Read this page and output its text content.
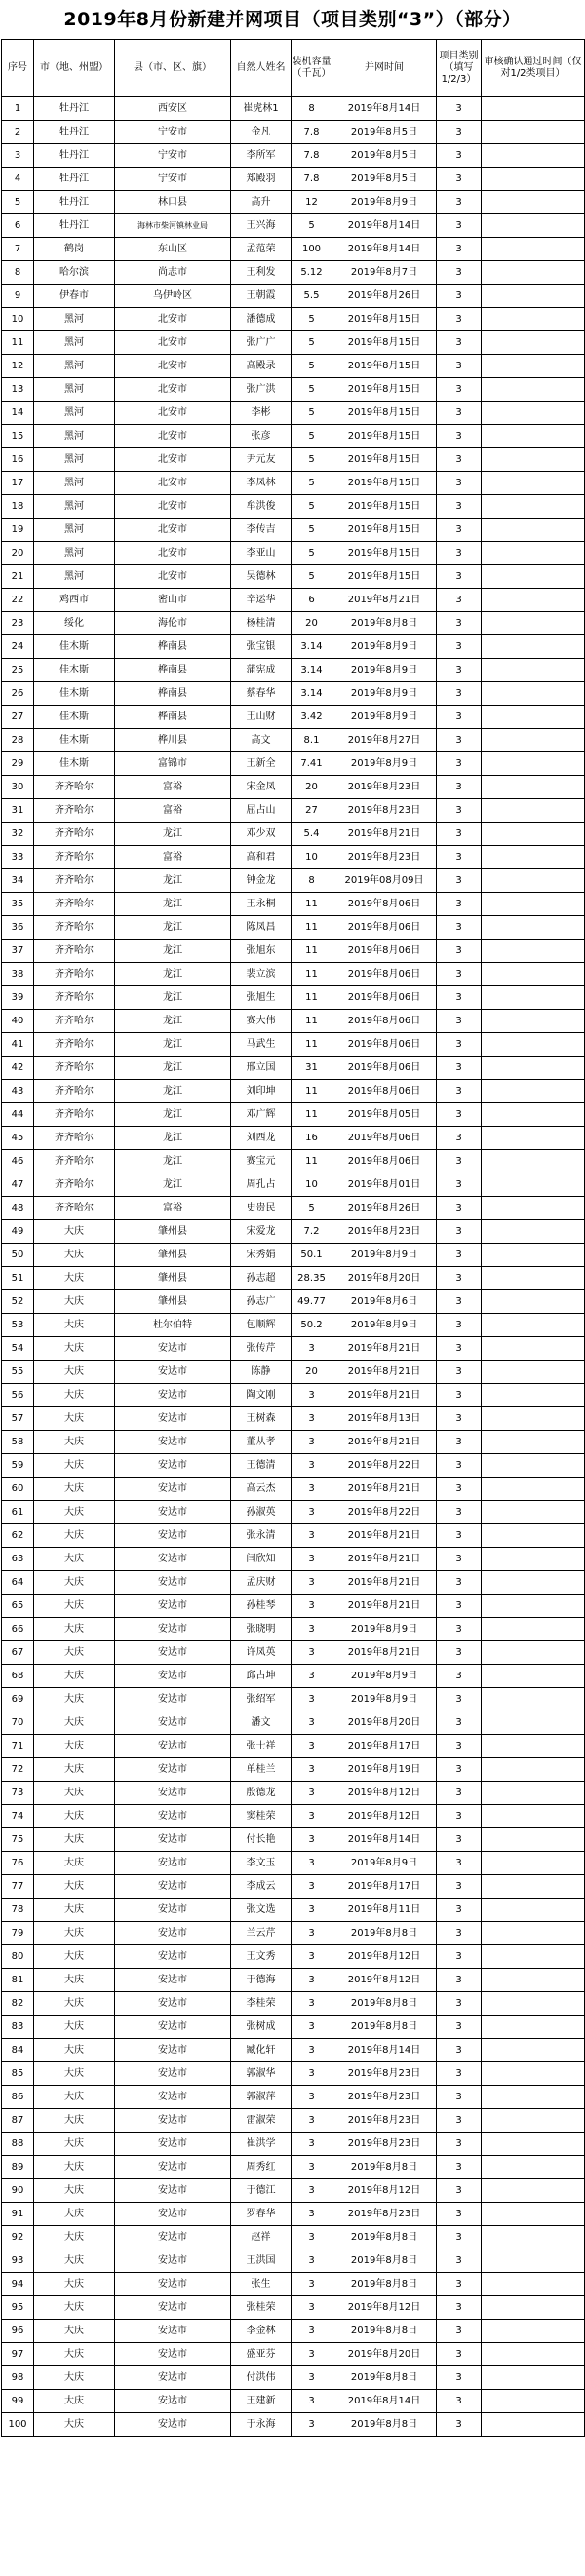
2019年8月份新建并网项目（项目类别“3”）（部分）
序号	市（地、州盟）	县（市、区、旗）	自然人姓名	装机容量（千瓦）	并网时间	项目类别（填写1/2/3）	审核确认通过时间（仅对1/2类项目）
1	牡丹江	西安区	崔虎林1	8	2019年8月14日	3	
2	牡丹江	宁安市	金凡	7.8	2019年8月5日	3	
3	牡丹江	宁安市	李所军	7.8	2019年8月5日	3	
4	牡丹江	宁安市	郑殿羽	7.8	2019年8月5日	3	
5	牡丹江	林口县	高升	12	2019年8月9日	3	
6	牡丹江	海林市柴河镇林业局	王兴海	5	2019年8月14日	3	
7	鹤岗	东山区	孟范荣	100	2019年8月14日	3	
8	哈尔滨	尚志市	王利发	5.12	2019年8月7日	3	
9	伊春市	乌伊岭区	王朝霞	5.5	2019年8月26日	3	
10	黑河	北安市	潘德成	5	2019年8月15日	3	
11	黑河	北安市	张广广	5	2019年8月15日	3	
12	黑河	北安市	高殿录	5	2019年8月15日	3	
13	黑河	北安市	张广洪	5	2019年8月15日	3	
14	黑河	北安市	李彬	5	2019年8月15日	3	
15	黑河	北安市	张彦	5	2019年8月15日	3	
16	黑河	北安市	尹元友	5	2019年8月15日	3	
17	黑河	北安市	李凤林	5	2019年8月15日	3	
18	黑河	北安市	牟洪俊	5	2019年8月15日	3	
19	黑河	北安市	李传吉	5	2019年8月15日	3	
20	黑河	北安市	李亚山	5	2019年8月15日	3	
21	黑河	北安市	吴德林	5	2019年8月15日	3	
22	鸡西市	密山市	辛运华	6	2019年8月21日	3	
23	绥化	海伦市	杨桂清	20	2019年8月8日	3	
24	佳木斯	桦南县	张宝银	3.14	2019年8月9日	3	
25	佳木斯	桦南县	蒲宪成	3.14	2019年8月9日	3	
26	佳木斯	桦南县	蔡春华	3.14	2019年8月9日	3	
27	佳木斯	桦南县	王山财	3.42	2019年8月9日	3	
28	佳木斯	桦川县	高文	8.1	2019年8月27日	3	
29	佳木斯	富锦市	王新全	7.41	2019年8月9日	3	
30	齐齐哈尔	富裕	宋金凤	20	2019年8月23日	3	
31	齐齐哈尔	富裕	屈占山	27	2019年8月23日	3	
32	齐齐哈尔	龙江	邓少双	5.4	2019年8月21日	3	
33	齐齐哈尔	富裕	高和君	10	2019年8月23日	3	
34	齐齐哈尔	龙江	钟金龙	8	2019年08月09日	3	
35	齐齐哈尔	龙江	王永桐	11	2019年8月06日	3	
36	齐齐哈尔	龙江	陈凤昌	11	2019年8月06日	3	
37	齐齐哈尔	龙江	张旭东	11	2019年8月06日	3	
38	齐齐哈尔	龙江	裴立滨	11	2019年8月06日	3	
39	齐齐哈尔	龙江	张旭生	11	2019年8月06日	3	
40	齐齐哈尔	龙江	赛大伟	11	2019年8月06日	3	
41	齐齐哈尔	龙江	马武生	11	2019年8月06日	3	
42	齐齐哈尔	龙江	邢立国	31	2019年8月06日	3	
43	齐齐哈尔	龙江	刘印坤	11	2019年8月06日	3	
44	齐齐哈尔	龙江	邓广辉	11	2019年8月05日	3	
45	齐齐哈尔	龙江	刘西龙	16	2019年8月06日	3	
46	齐齐哈尔	龙江	赛宝元	11	2019年8月06日	3	
47	齐齐哈尔	龙江	周孔占	10	2019年8月01日	3	
48	齐齐哈尔	富裕	史贵民	5	2019年8月26日	3	
49	大庆	肇州县	宋爱龙	7.2	2019年8月23日	3	
50	大庆	肇州县	宋秀娟	50.1	2019年8月9日	3	
51	大庆	肇州县	孙志超	28.35	2019年8月20日	3	
52	大庆	肇州县	孙志广	49.77	2019年8月6日	3	
53	大庆	杜尔伯特	包顺辉	50.2	2019年8月9日	3	
54	大庆	安达市	张传芹	3	2019年8月21日	3	
55	大庆	安达市	陈静	20	2019年8月21日	3	
56	大庆	安达市	陶文刚	3	2019年8月21日	3	
57	大庆	安达市	王树森	3	2019年8月13日	3	
58	大庆	安达市	董从孝	3	2019年8月21日	3	
59	大庆	安达市	王德清	3	2019年8月22日	3	
60	大庆	安达市	高云杰	3	2019年8月21日	3	
61	大庆	安达市	孙淑英	3	2019年8月22日	3	
62	大庆	安达市	张永清	3	2019年8月21日	3	
63	大庆	安达市	闫欣知	3	2019年8月21日	3	
64	大庆	安达市	孟庆财	3	2019年8月21日	3	
65	大庆	安达市	孙桂琴	3	2019年8月21日	3	
66	大庆	安达市	张晓明	3	2019年8月9日	3	
67	大庆	安达市	许凤英	3	2019年8月21日	3	
68	大庆	安达市	邱占坤	3	2019年8月9日	3	
69	大庆	安达市	张绍军	3	2019年8月9日	3	
70	大庆	安达市	潘文	3	2019年8月20日	3	
71	大庆	安达市	张士祥	3	2019年8月17日	3	
72	大庆	安达市	单桂兰	3	2019年8月19日	3	
73	大庆	安达市	殷德龙	3	2019年8月12日	3	
74	大庆	安达市	窦桂荣	3	2019年8月12日	3	
75	大庆	安达市	付长艳	3	2019年8月14日	3	
76	大庆	安达市	李文玉	3	2019年8月9日	3	
77	大庆	安达市	李成云	3	2019年8月17日	3	
78	大庆	安达市	张文选	3	2019年8月11日	3	
79	大庆	安达市	兰云芹	3	2019年8月8日	3	
80	大庆	安达市	王文秀	3	2019年8月12日	3	
81	大庆	安达市	于德海	3	2019年8月12日	3	
82	大庆	安达市	李桂荣	3	2019年8月8日	3	
83	大庆	安达市	张树成	3	2019年8月8日	3	
84	大庆	安达市	臧化轩	3	2019年8月14日	3	
85	大庆	安达市	郭淑华	3	2019年8月23日	3	
86	大庆	安达市	郭淑萍	3	2019年8月23日	3	
87	大庆	安达市	雷淑荣	3	2019年8月23日	3	
88	大庆	安达市	崔洪学	3	2019年8月23日	3	
89	大庆	安达市	周秀红	3	2019年8月8日	3	
90	大庆	安达市	于德江	3	2019年8月12日	3	
91	大庆	安达市	罗春华	3	2019年8月23日	3	
92	大庆	安达市	赵祥	3	2019年8月8日	3	
93	大庆	安达市	王洪国	3	2019年8月8日	3	
94	大庆	安达市	张生	3	2019年8月8日	3	
95	大庆	安达市	张桂荣	3	2019年8月12日	3	
96	大庆	安达市	李金林	3	2019年8月8日	3	
97	大庆	安达市	盛亚芬	3	2019年8月20日	3	
98	大庆	安达市	付洪伟	3	2019年8月8日	3	
99	大庆	安达市	王建新	3	2019年8月14日	3	
100	大庆	安达市	于永海	3	2019年8月8日	3	
